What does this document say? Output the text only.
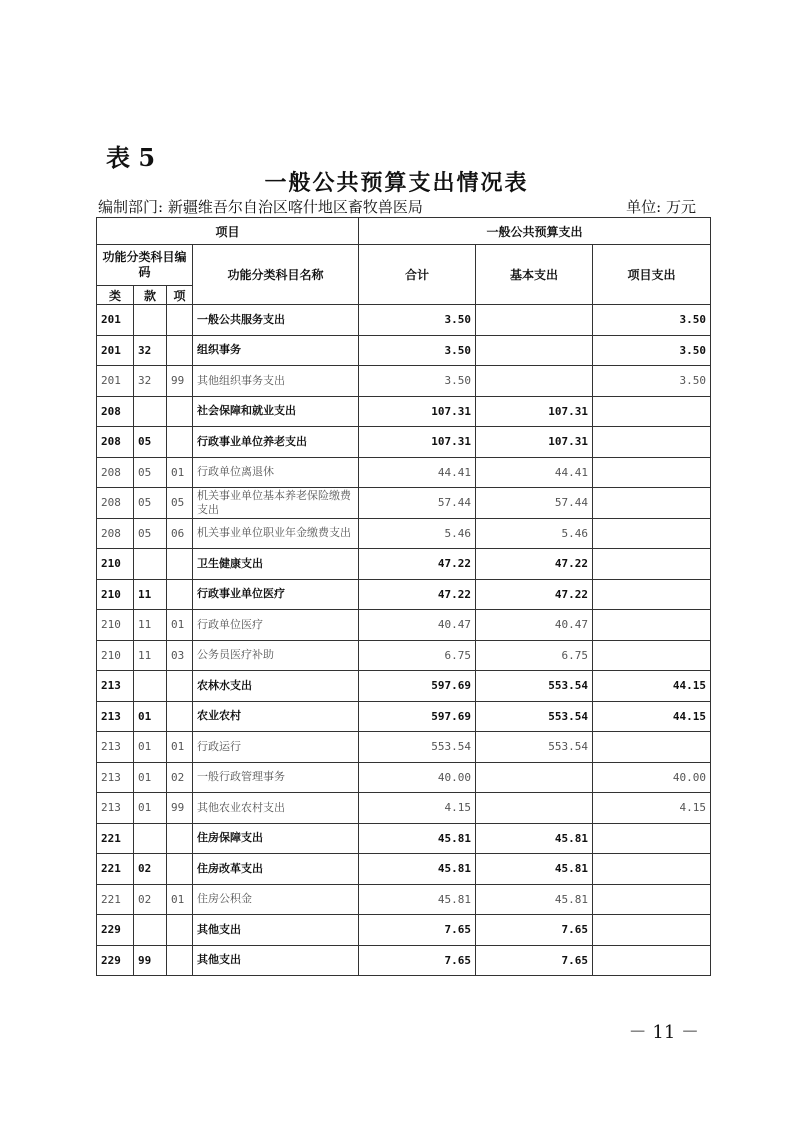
表 5
一般公共预算支出情况表
编制部门: 新疆维吾尔自治区喀什地区畜牧兽医局	单位: 万元
项目				一般公共预算支出		
功能分类科目编码			功能分类科目名称	合计	基本支出	项目支出
类	款	项				
201			一般公共服务支出	3.50		3.50
201	32		组织事务	3.50		3.50
201	32	99	其他组织事务支出	3.50		3.50
208			社会保障和就业支出	107.31	107.31	
208	05		行政事业单位养老支出	107.31	107.31	
208	05	01	行政单位离退休	44.41	44.41	
208	05	05	机关事业单位基本养老保险缴费支出	57.44	57.44	
208	05	06	机关事业单位职业年金缴费支出	5.46	5.46	
210			卫生健康支出	47.22	47.22	
210	11		行政事业单位医疗	47.22	47.22	
210	11	01	行政单位医疗	40.47	40.47	
210	11	03	公务员医疗补助	6.75	6.75	
213			农林水支出	597.69	553.54	44.15
213	01		农业农村	597.69	553.54	44.15
213	01	01	行政运行	553.54	553.54	
213	01	02	一般行政管理事务	40.00		40.00
213	01	99	其他农业农村支出	4.15		4.15
221			住房保障支出	45.81	45.81	
221	02		住房改革支出	45.81	45.81	
221	02	01	住房公积金	45.81	45.81	
229			其他支出	7.65	7.65	
229	99		其他支出	7.65	7.65	
－ 11 －
